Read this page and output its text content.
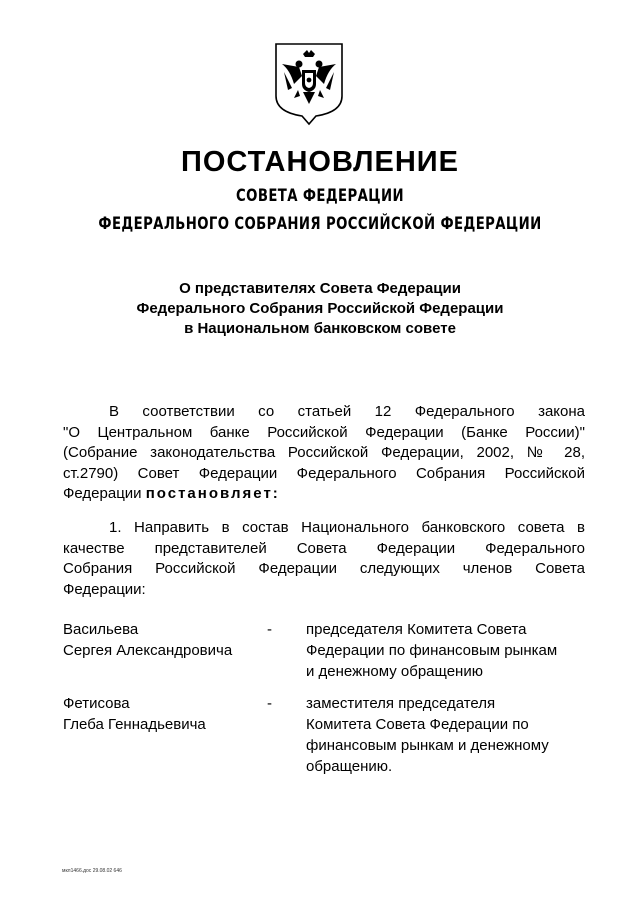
ПОСТАНОВЛЕНИЕ
СОВЕТА ФЕДЕРАЦИИ
ФЕДЕРАЛЬНОГО СОБРАНИЯ РОССИЙСКОЙ ФЕДЕРАЦИИ
О представителях Совета Федерации
Федерального Собрания Российской Федерации
в Национальном банковском совете
В соответствии со статьей 12 Федерального закона
"О Центральном банке Российской Федерации (Банке России)"
(Собрание законодательства Российской Федерации, 2002, № 28,
ст.2790) Совет Федерации Федерального Собрания Российской
Федерации постановляет:
1. Направить в состав Национального банковского совета в
качестве представителей Совета Федерации Федерального
Собрания Российской Федерации следующих членов Совета
Федерации:
Васильева
Сергея Александровича
-	председателя Комитета Совета
Федерации по финансовым рынкам
и денежному обращению
Фетисова
Глеба Геннадьевича
-	заместителя председателя
Комитета Совета Федерации по
финансовым рынкам и денежному
обращению.
мкл1466.доc 29.08.02 646
